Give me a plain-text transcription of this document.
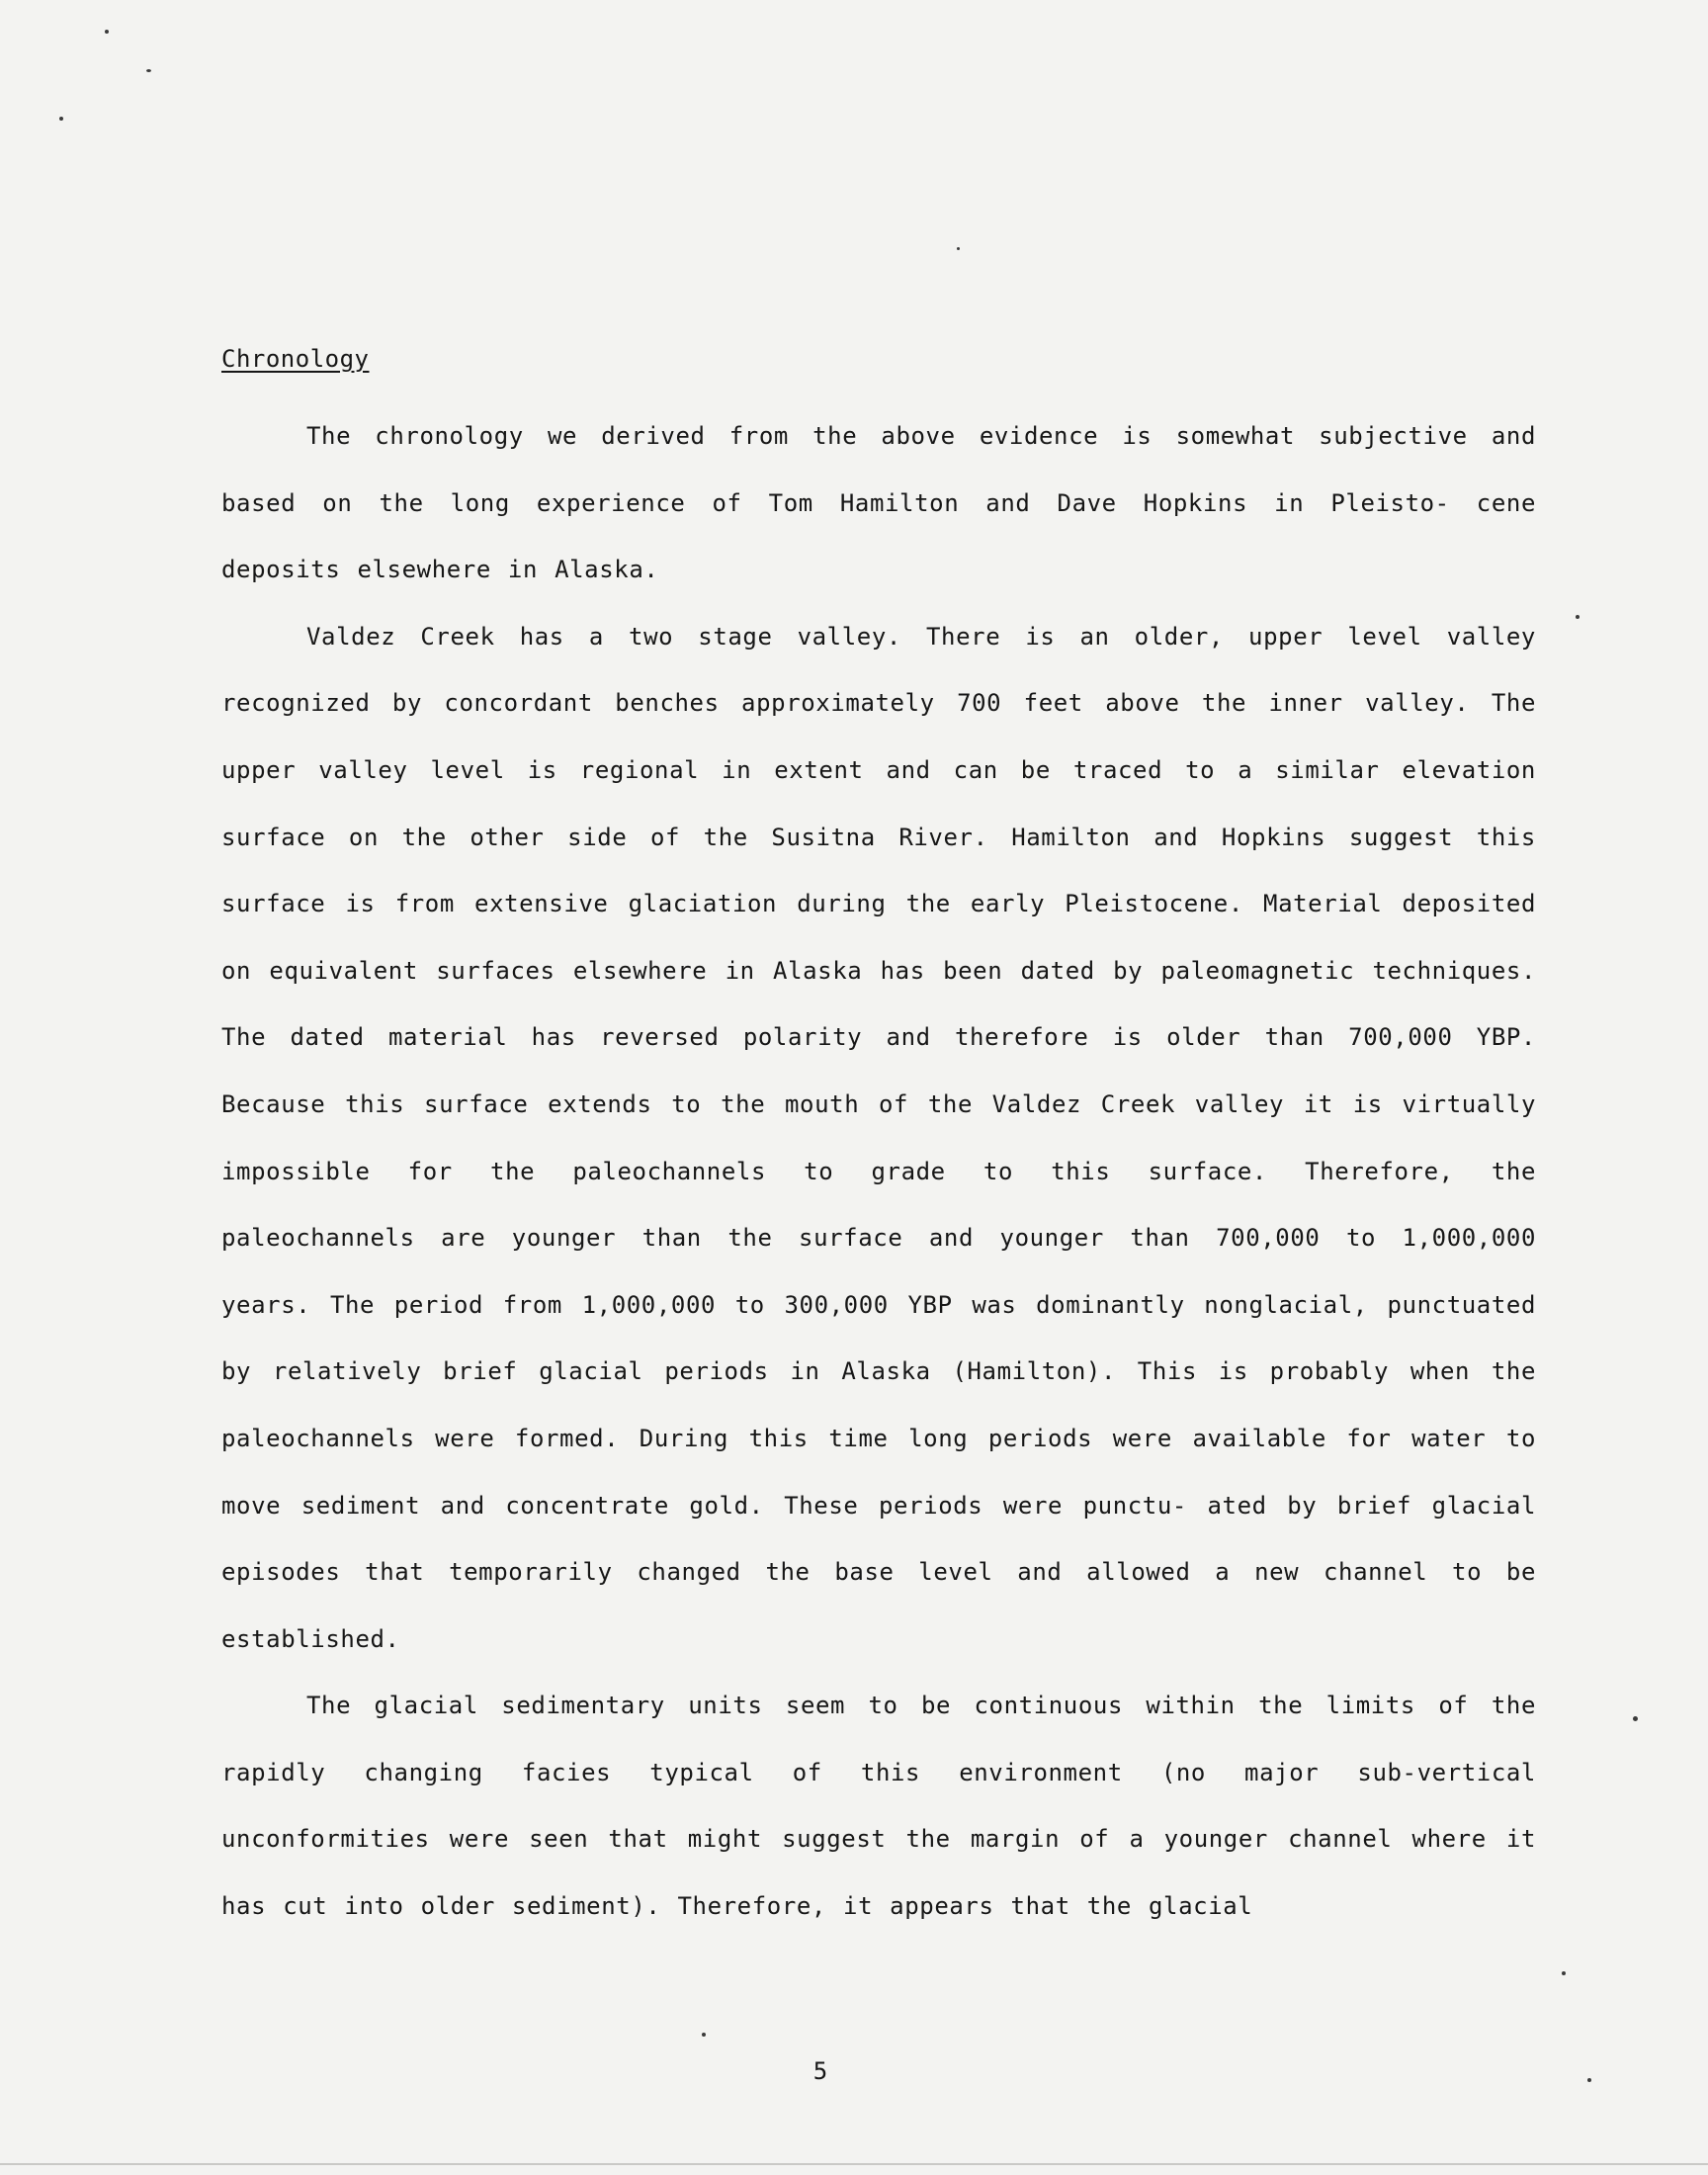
Chronology

The chronology we derived from the above evidence is somewhat subjective and based on the long experience of Tom Hamilton and Dave Hopkins in Pleisto- cene deposits elsewhere in Alaska.

Valdez Creek has a two stage valley. There is an older, upper level valley recognized by concordant benches approximately 700 feet above the inner valley. The upper valley level is regional in extent and can be traced to a similar elevation surface on the other side of the Susitna River. Hamilton and Hopkins suggest this surface is from extensive glaciation during the early Pleistocene. Material deposited on equivalent surfaces elsewhere in Alaska has been dated by paleomagnetic techniques. The dated material has reversed polarity and therefore is older than 700,000 YBP. Because this surface extends to the mouth of the Valdez Creek valley it is virtually impossible for the paleochannels to grade to this surface. Therefore, the paleochannels are younger than the surface and younger than 700,000 to 1,000,000 years. The period from 1,000,000 to 300,000 YBP was dominantly nonglacial, punctuated by relatively brief glacial periods in Alaska (Hamilton). This is probably when the paleochannels were formed. During this time long periods were available for water to move sediment and concentrate gold. These periods were punctu- ated by brief glacial episodes that temporarily changed the base level and allowed a new channel to be established.

The glacial sedimentary units seem to be continuous within the limits of the rapidly changing facies typical of this environment (no major sub-vertical unconformities were seen that might suggest the margin of a younger channel where it has cut into older sediment). Therefore, it appears that the glacial

5
